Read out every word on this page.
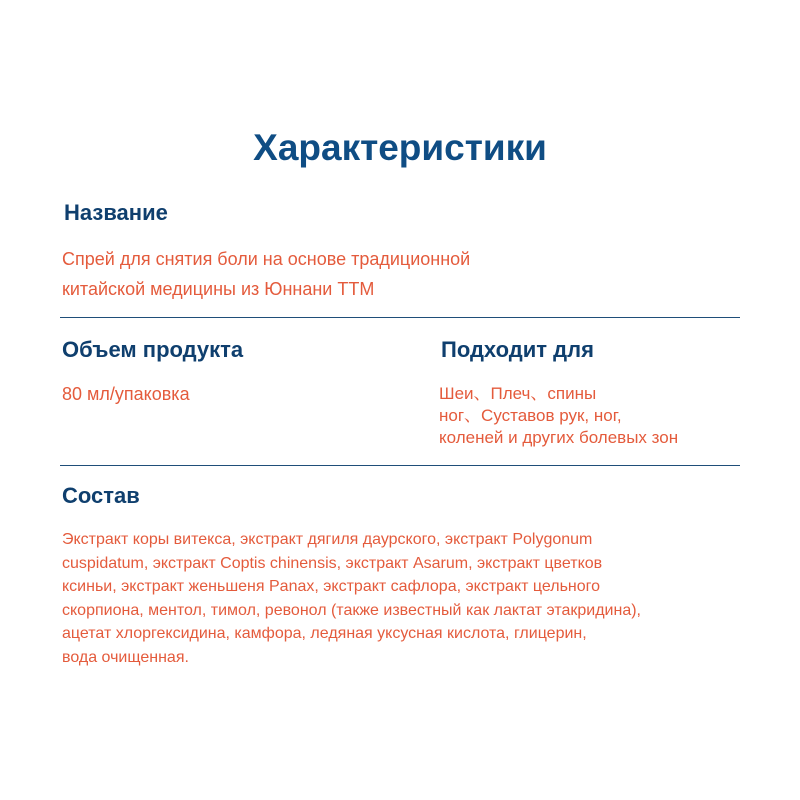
Характеристики
Название
Спрей для снятия боли на основе традиционной
китайской медицины из Юннани ТТМ
Объем продукта
80 мл/упаковка
Подходит для
Шеи、Плеч、спины
ног、Суставов рук, ног,
коленей и других болевых зон
Состав
Экстракт коры витекса, экстракт дягиля даурского, экстракт Polygonum
cuspidatum, экстракт Coptis chinensis, экстракт Asarum, экстракт цветков
ксиньи, экстракт женьшеня Panax, экстракт сафлора, экстракт цельного
скорпиона, ментол, тимол, ревонол (также известный как лактат этакридина),
ацетат хлоргексидина, камфора, ледяная уксусная кислота, глицерин,
вода очищенная.
